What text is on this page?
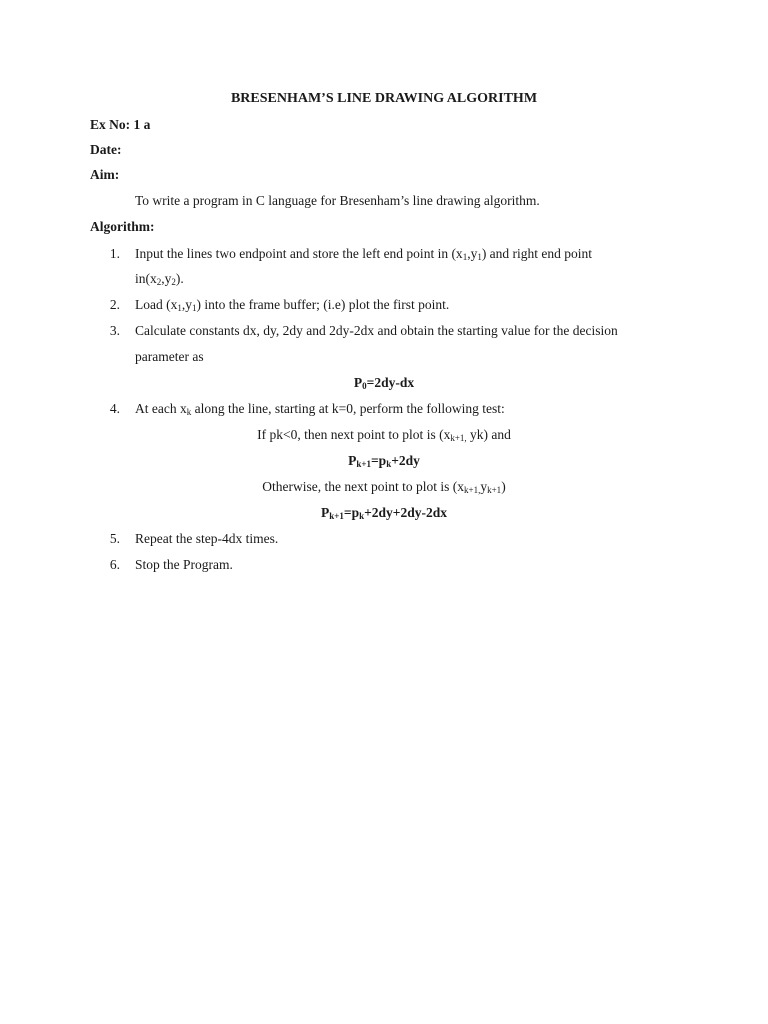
BRESENHAM’S LINE DRAWING ALGORITHM
Ex No: 1 a
Date:
Aim:
To write a program in C language for Bresenham’s line drawing algorithm.
Algorithm:
1. Input the lines two endpoint and store the left end point in $(x_1,y_1)$ and right end point
$in(x_2,y_2)$.
2. Load $(x_1,y_1)$ into the frame buffer; (i.e) plot the first point.
3. Calculate constants dx, dy, 2dy and 2dy-2dx and obtain the starting value for the decision
parameter as
$P_0=2dy-dx$
4. At each $x_k$ along the line, starting at k=0, perform the following test:
If pk<0, then next point to plot is ($x_{k+1,}$ yk) and
$P_{k+1}=p_k+2dy$
Otherwise, the next point to plot is $(x_{k+1,}y_{k+1})$
$P_{k+1}=p_k+2dy+2dy-2dx$
5. Repeat the step-4dx times.
6. Stop the Program.
